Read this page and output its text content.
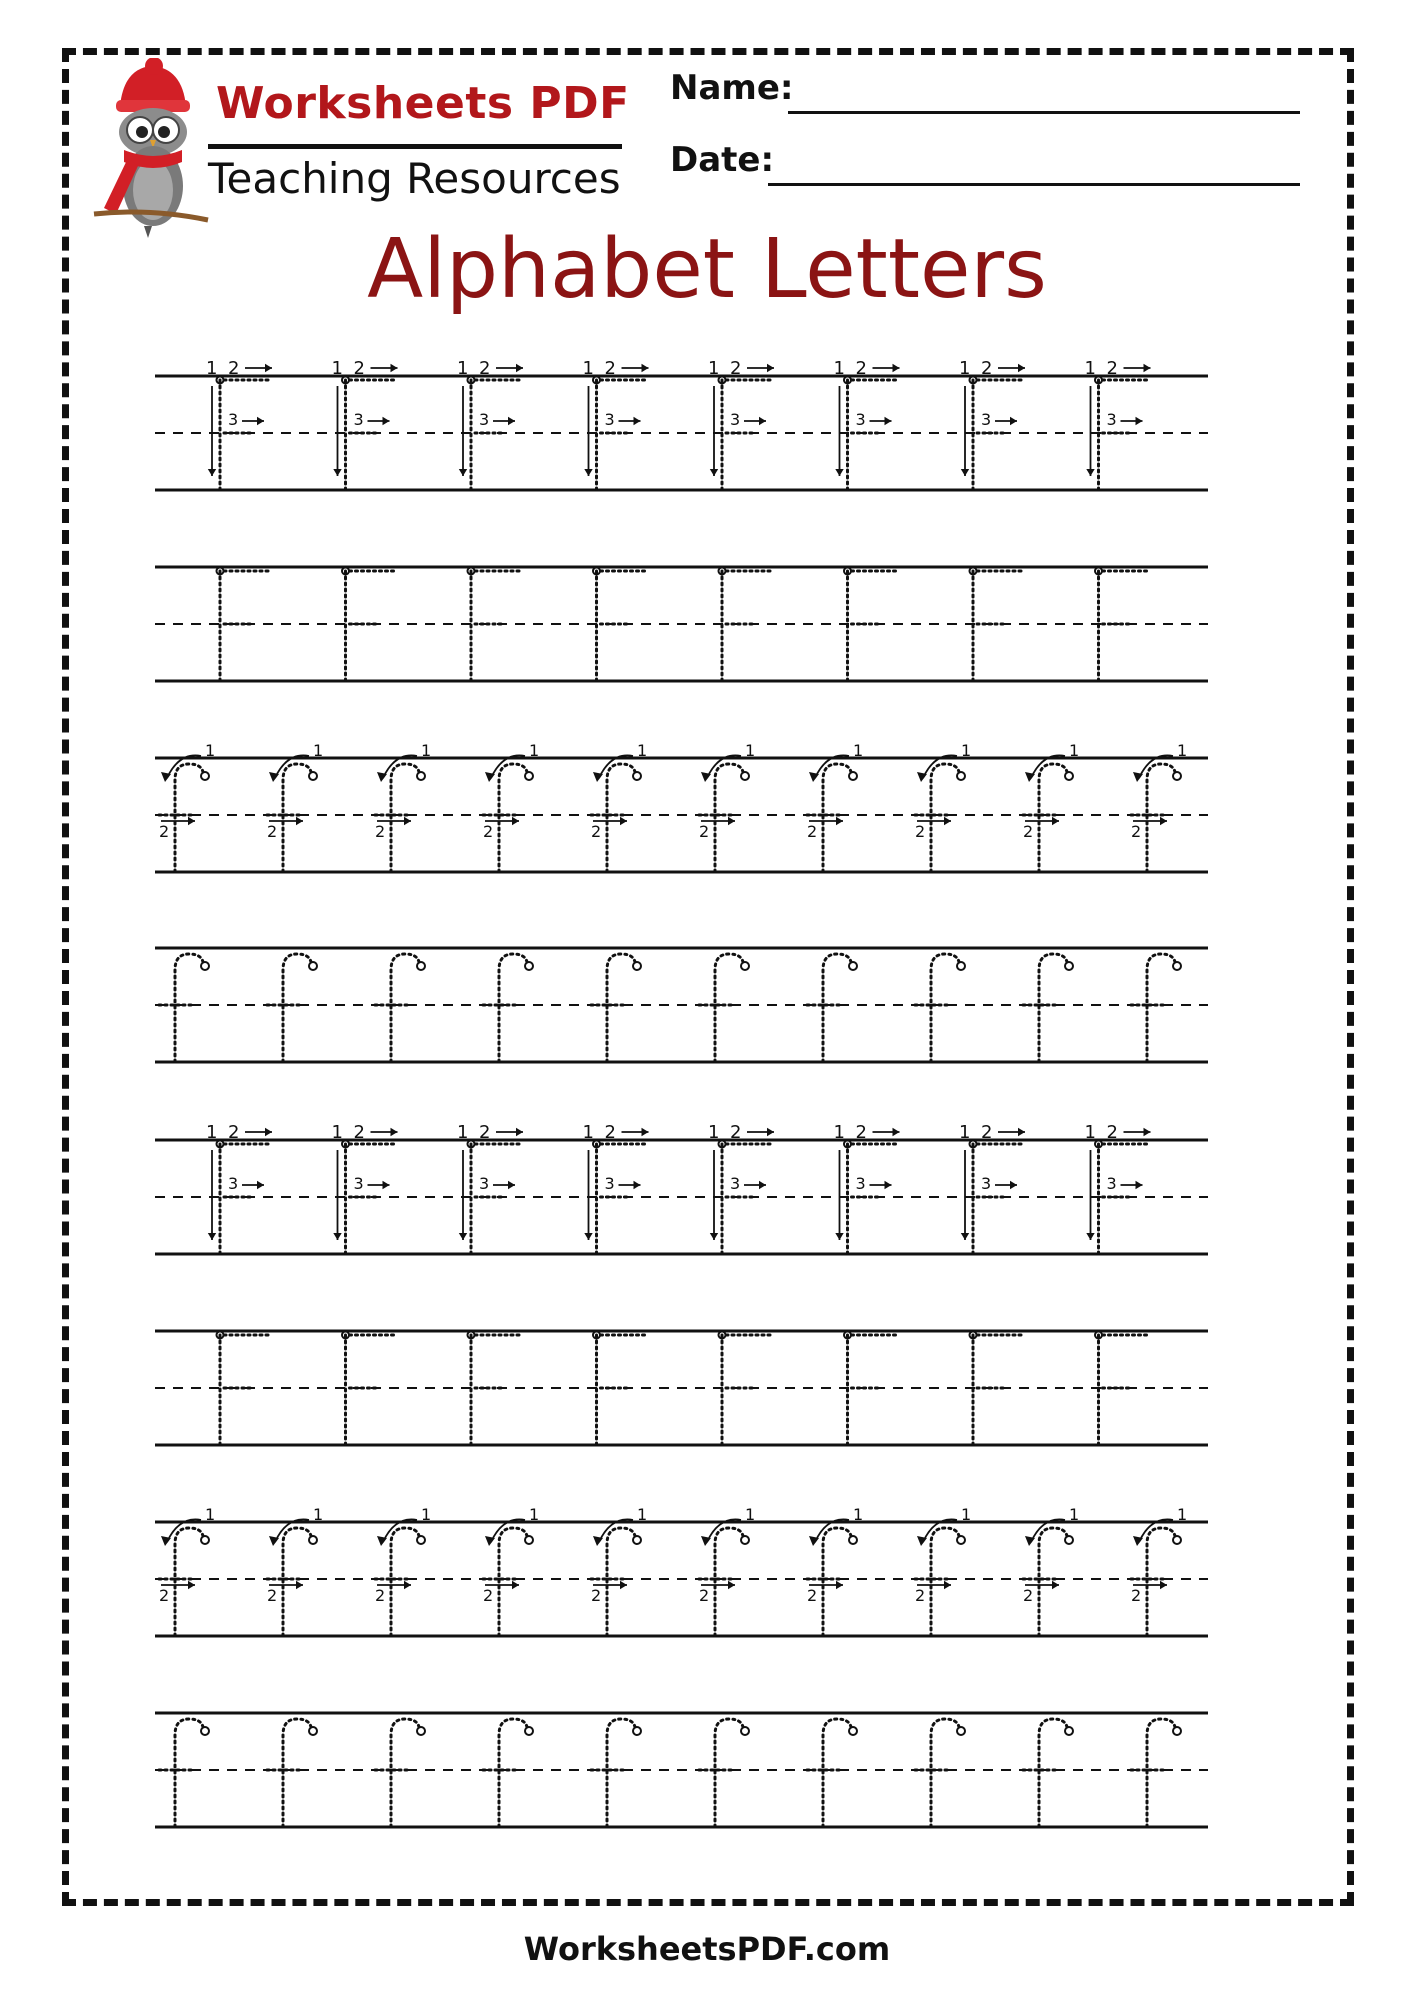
Worksheets PDF
Teaching Resources
Name:
Date:
Alphabet Letters
1 2
3
1 2
3
1 2
3
1 2
3
1 2
3
1 2
3
1 2
3
1 2
3
1
2
1
2
1
2
1
2
1
2
1
2
1
2
1
2
1
2
1
2
1 2
3
1 2
3
1 2
3
1 2
3
1 2
3
1 2
3
1 2
3
1 2
3
1
2
1
2
1
2
1
2
1
2
1
2
1
2
1
2
1
2
1
2
WorksheetsPDF.com
